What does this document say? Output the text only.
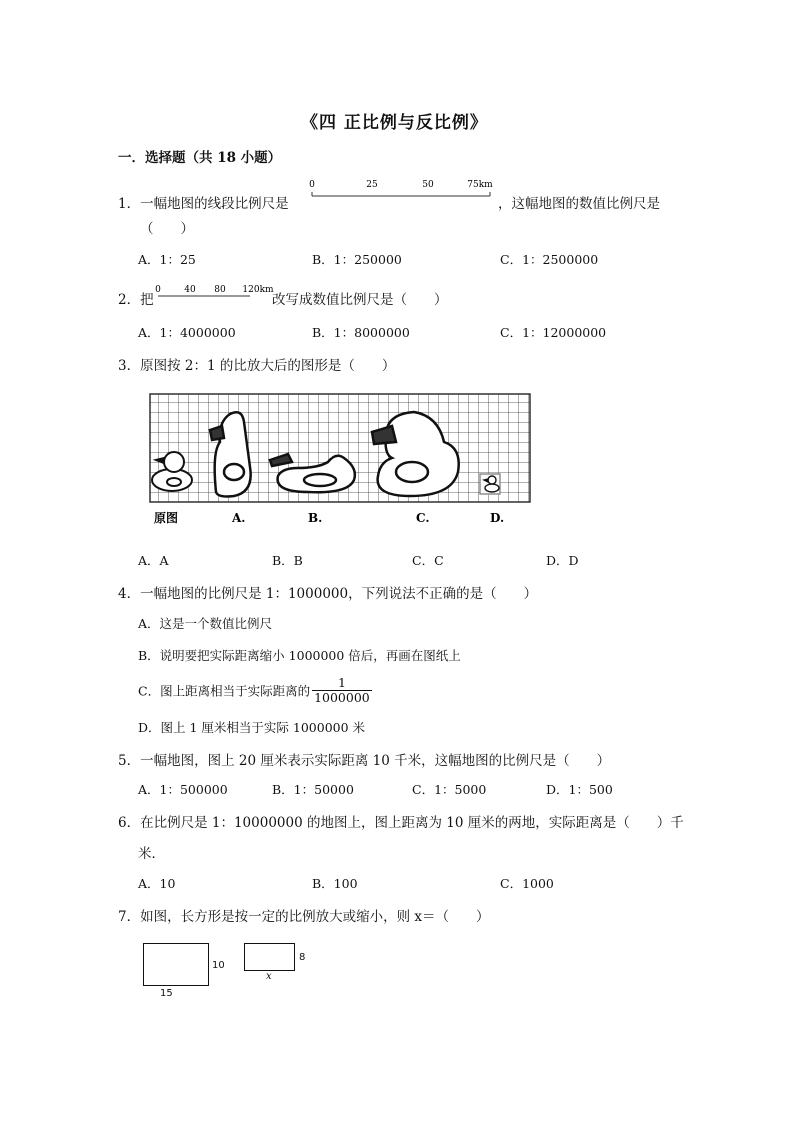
《四 正比例与反比例》
一．选择题（共 18 小题）
1．一幅地图的线段比例尺是
0	25	50	75km
，这幅地图的数值比例尺是
（　　）
A．1：25	B．1：250000	C．1：2500000
2．把
0	40 80 120km
改写成数值比例尺是（　　）
A．1：4000000	B．1：8000000	C．1：12000000
3．原图按 2：1 的比放大后的图形是（　　）
原图	A.	B.	C.	D.
A．A	B．B	C．C	D．D
4．一幅地图的比例尺是 1：1000000，下列说法不正确的是（　　）
A．这是一个数值比例尺
B．说明要把实际距离缩小 1000000 倍后，再画在图纸上
C．图上距离相当于实际距离的 $\frac{1}{1000000}$
D．图上 1 厘米相当于实际 1000000 米
5．一幅地图，图上 20 厘米表示实际距离 10 千米，这幅地图的比例尺是（　　）
A．1：500000	B．1：50000	C．1：5000	D．1：500
6．在比例尺是 1：10000000 的地图上，图上距离为 10 厘米的两地，实际距离是（　　）千
米．
A．10	B．100	C．1000
7．如图，长方形是按一定的比例放大或缩小，则 x＝（　　）
10
15
8
x
